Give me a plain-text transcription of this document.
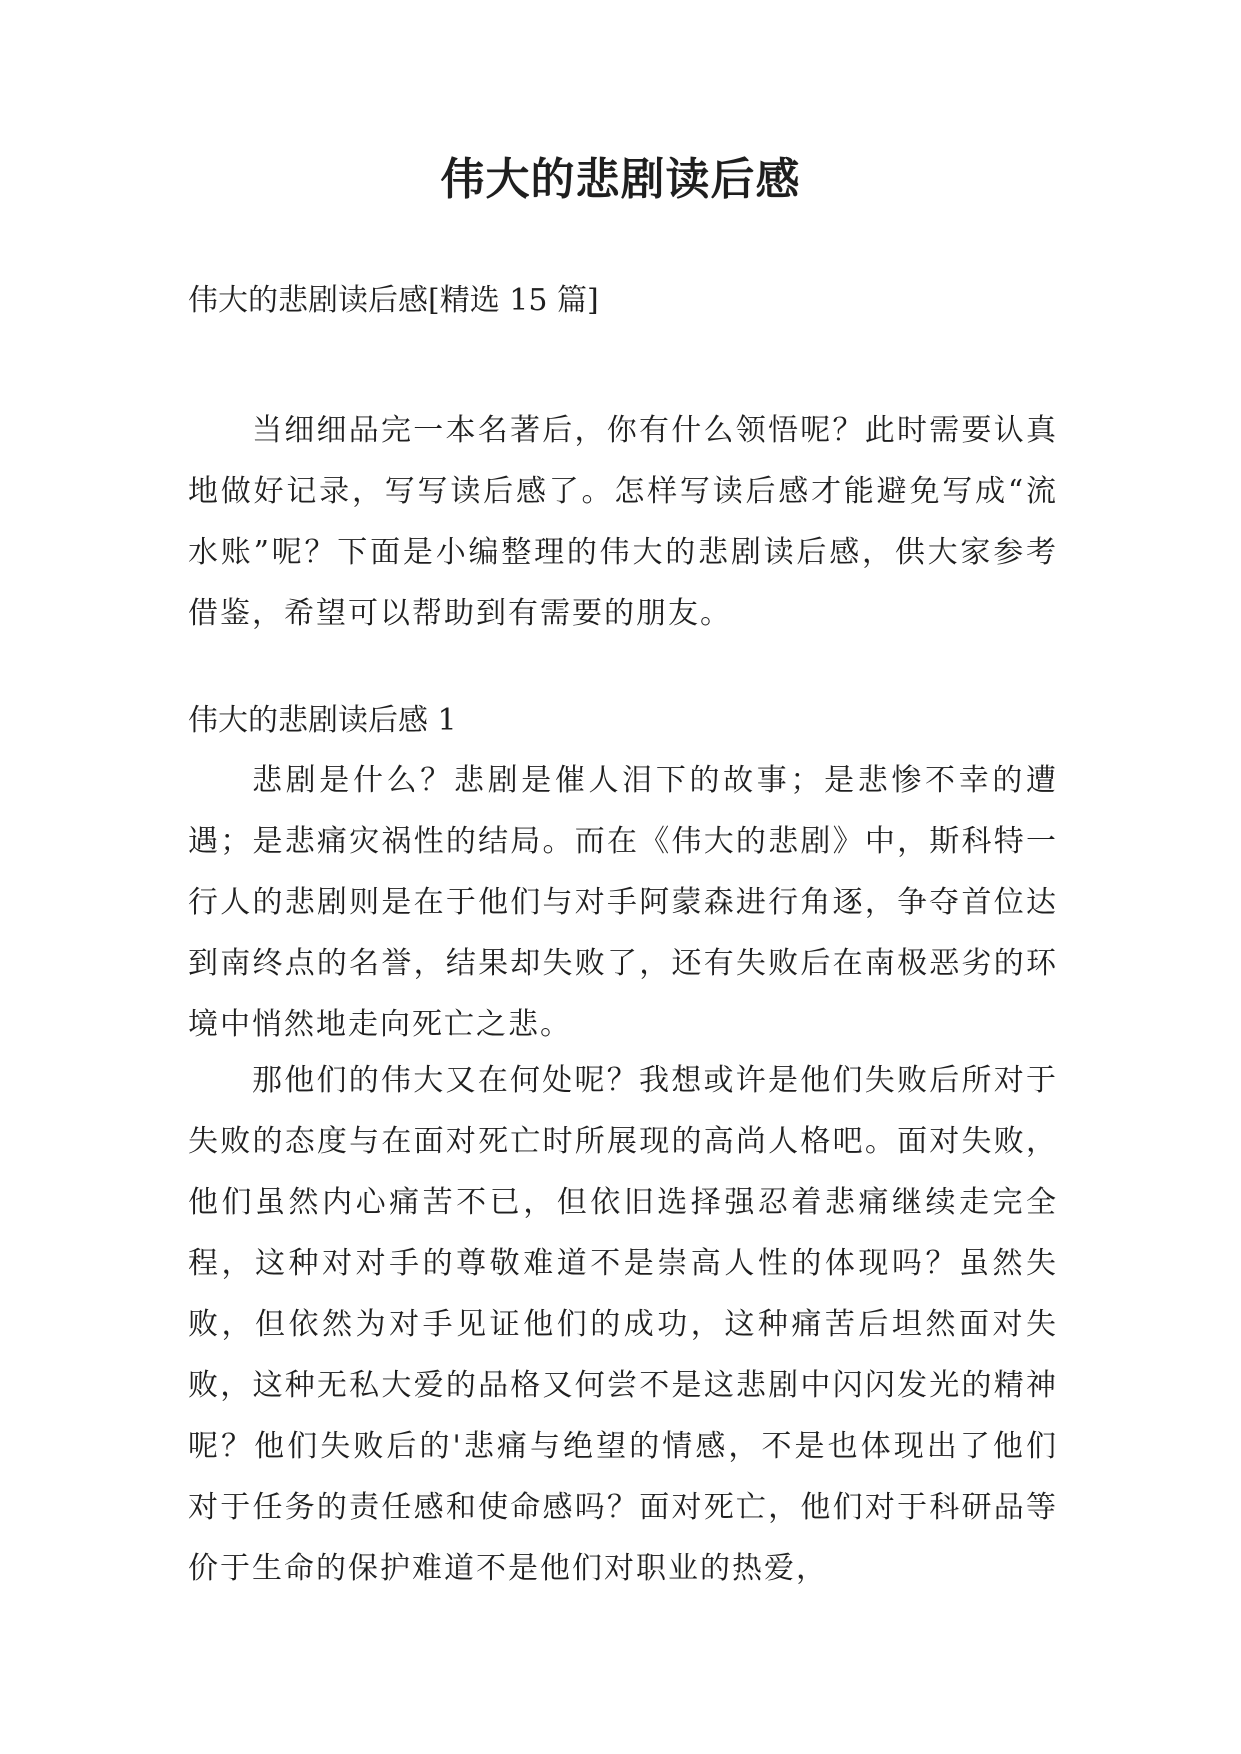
伟大的悲剧读后感

伟大的悲剧读后感[精选 15 篇]

当细细品完一本名著后，你有什么领悟呢？此时需要认真地做好记录，写写读后感了。怎样写读后感才能避免写成“流水账”呢？下面是小编整理的伟大的悲剧读后感，供大家参考借鉴，希望可以帮助到有需要的朋友。

伟大的悲剧读后感 1

悲剧是什么？悲剧是催人泪下的故事；是悲惨不幸的遭遇；是悲痛灾祸性的结局。而在《伟大的悲剧》中，斯科特一行人的悲剧则是在于他们与对手阿蒙森进行角逐，争夺首位达到南终点的名誉，结果却失败了，还有失败后在南极恶劣的环境中悄然地走向死亡之悲。

那他们的伟大又在何处呢？我想或许是他们失败后所对于失败的态度与在面对死亡时所展现的高尚人格吧。面对失败，他们虽然内心痛苦不已，但依旧选择强忍着悲痛继续走完全程，这种对对手的尊敬难道不是崇高人性的体现吗？虽然失败，但依然为对手见证他们的成功，这种痛苦后坦然面对失败，这种无私大爱的品格又何尝不是这悲剧中闪闪发光的精神呢？他们失败后的'悲痛与绝望的情感，不是也体现出了他们对于任务的责任感和使命感吗？面对死亡，他们对于科研品等价于生命的保护难道不是他们对职业的热爱，
